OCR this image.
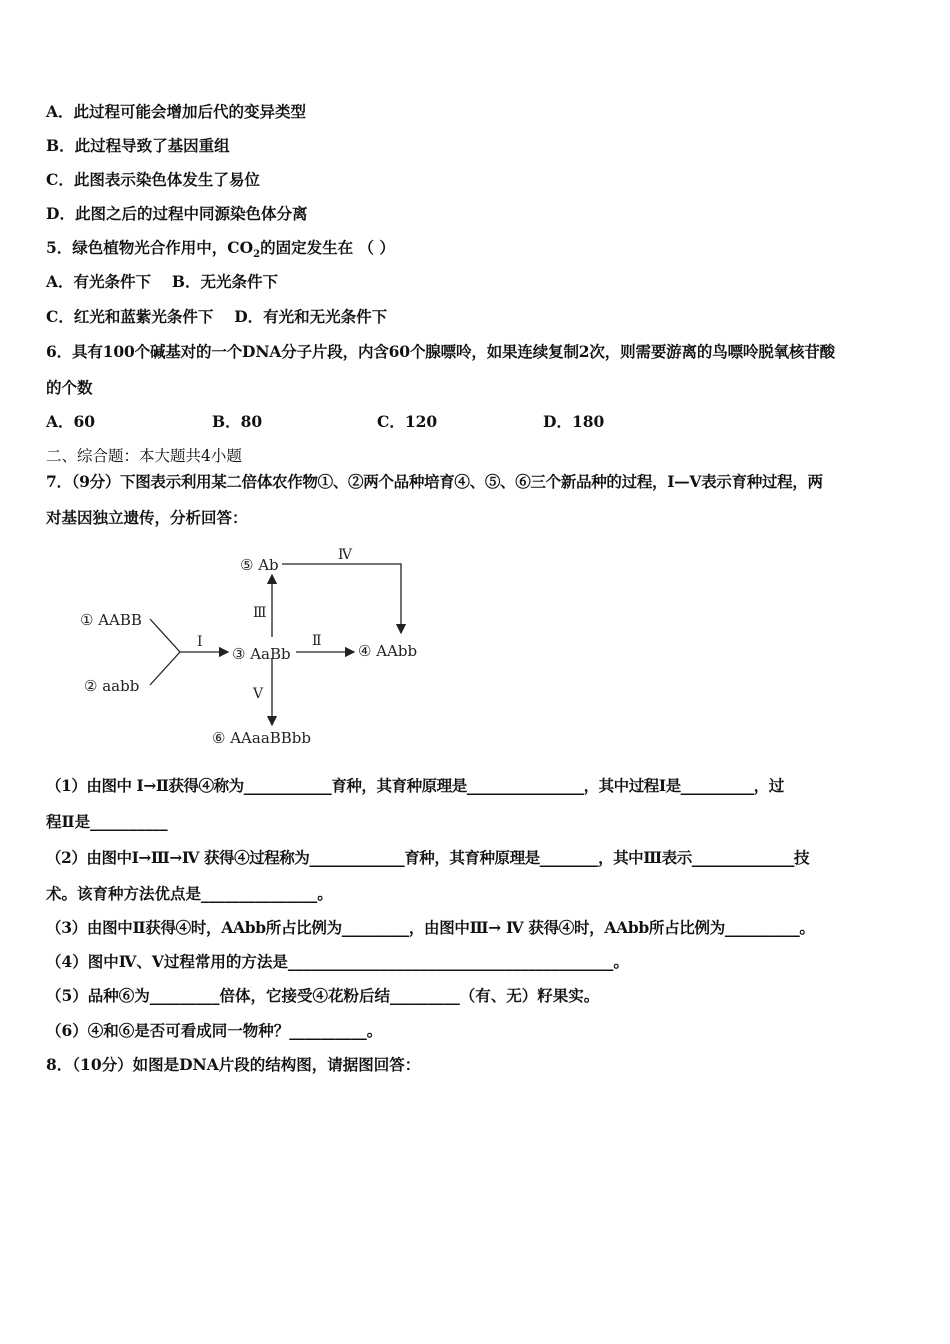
A．此过程可能会增加后代的变异类型
B．此过程导致了基因重组
C．此图表示染色体发生了易位
D．此图之后的过程中同源染色体分离
5．绿色植物光合作用中，$CO_2$的固定发生在 （ ）
A．有光条件下　 B．无光条件下
C．红光和蓝紫光条件下　 D．有光和无光条件下
6．具有100个碱基对的一个DNA分子片段，内含60个腺嘌呤，如果连续复制2次，则需要游离的鸟嘌呤脱氧核苷酸
的个数
A．60	B．80	C．120	D．180
二、综合题：本大题共4小题
7．（9分）下图表示利用某二倍体农作物①、②两个品种培育④、⑤、⑥三个新品种的过程，Ⅰ—Ⅴ表示育种过程，两
对基因独立遗传，分析回答：
① AABB
② aabb
③ AaBb	④ AAbb
⑤ Ab
⑥ AAaaBBbb
Ⅰ	Ⅱ
Ⅲ
Ⅳ
Ⅴ
（1）由图中 Ⅰ→Ⅱ获得④称为____________育种，其育种原理是________________，其中过程Ⅰ是__________，过
程Ⅱ是__________
（2）由图中Ⅰ→Ⅲ→Ⅳ 获得④过程称为_____________育种，其育种原理是________，其中Ⅲ表示______________技
术。该育种方法优点是_______________。
（3）由图中Ⅱ获得④时，AAbb所占比例为_________，由图中Ⅲ→ Ⅳ 获得④时，AAbb所占比例为__________。
（4）图中Ⅳ、Ⅴ过程常用的方法是__________________________________________。
（5）品种⑥为_________倍体，它接受④花粉后结_________（有、无）籽果实。
（6）④和⑥是否可看成同一物种？__________。
8．（10分）如图是DNA片段的结构图，请据图回答：
